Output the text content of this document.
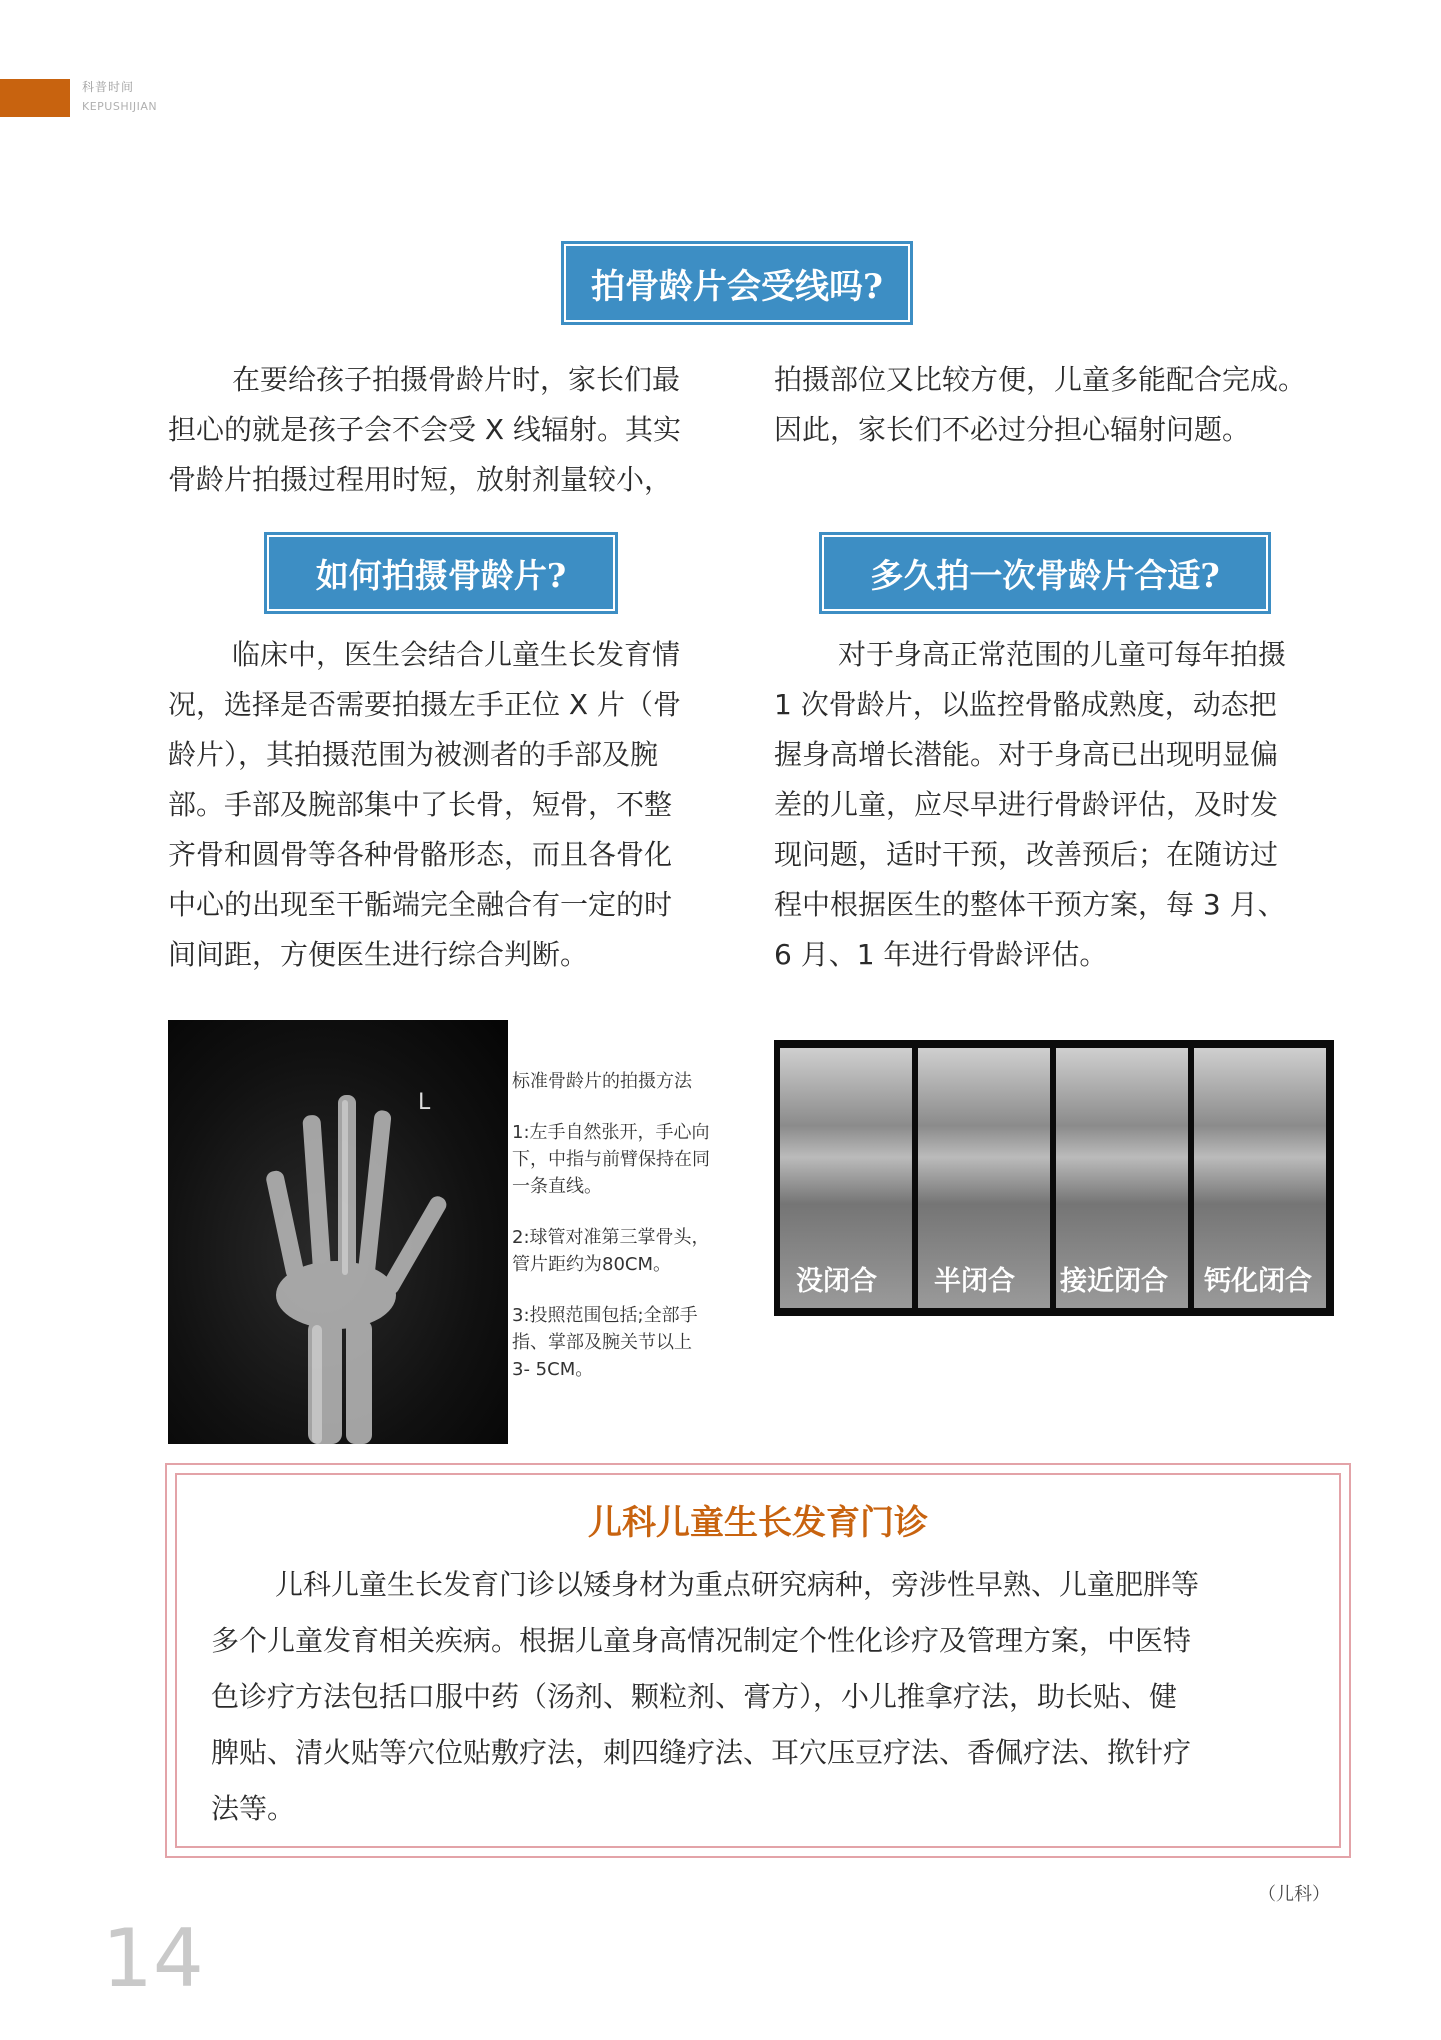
科普时间
KEPUSHIJIAN
拍骨龄片会受线吗?
在要给孩子拍摄骨龄片时，家长们最
担心的就是孩子会不会受 X 线辐射。其实
骨龄片拍摄过程用时短，放射剂量较小，
拍摄部位又比较方便，儿童多能配合完成。
因此，家长们不必过分担心辐射问题。
如何拍摄骨龄片?
临床中，医生会结合儿童生长发育情
况，选择是否需要拍摄左手正位 X 片（骨
龄片），其拍摄范围为被测者的手部及腕
部。手部及腕部集中了长骨，短骨，不整
齐骨和圆骨等各种骨骼形态，而且各骨化
中心的出现至干骺端完全融合有一定的时
间间距，方便医生进行综合判断。
多久拍一次骨龄片合适?
对于身高正常范围的儿童可每年拍摄
1 次骨龄片，以监控骨骼成熟度，动态把
握身高增长潜能。对于身高已出现明显偏
差的儿童，应尽早进行骨龄评估，及时发
现问题，适时干预，改善预后；在随访过
程中根据医生的整体干预方案，每 3 月、
6 月、1 年进行骨龄评估。
L
标准骨龄片的拍摄方法
1:左手自然张开，手心向
下，中指与前臂保持在同
一条直线。
2:球管对准第三掌骨头，
管片距约为80CM。
3:投照范围包括;全部手
指、掌部及腕关节以上
3- 5CM。
没闭合 半闭合 接近闭合 钙化闭合
儿科儿童生长发育门诊
儿科儿童生长发育门诊以矮身材为重点研究病种，旁涉性早熟、儿童肥胖等
多个儿童发育相关疾病。根据儿童身高情况制定个性化诊疗及管理方案，中医特
色诊疗方法包括口服中药（汤剂、颗粒剂、膏方），小儿推拿疗法，助长贴、健
脾贴、清火贴等穴位贴敷疗法，刺四缝疗法、耳穴压豆疗法、香佩疗法、揿针疗
法等。
（儿科）
14
